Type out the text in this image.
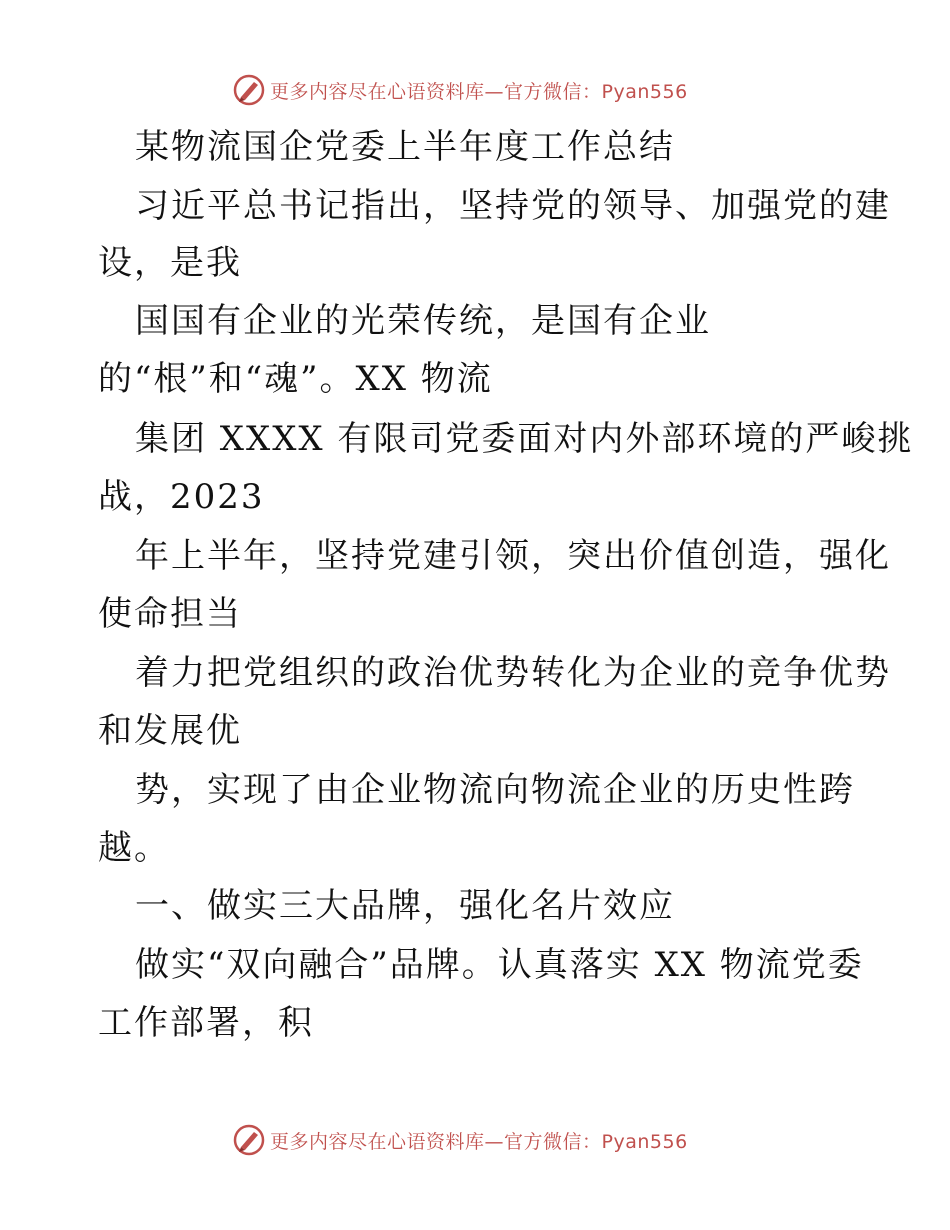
更多内容尽在心语资料库—官方微信：Pyan556
某物流国企党委上半年度工作总结
习近平总书记指出，坚持党的领导、加强党的建
设，是我
国国有企业的光荣传统，是国有企业
的“根”和“魂”。XX 物流
集团 XXXX 有限司党委面对内外部环境的严峻挑
战，2023
年上半年，坚持党建引领，突出价值创造，强化
使命担当
着力把党组织的政治优势转化为企业的竞争优势
和发展优
势，实现了由企业物流向物流企业的历史性跨
越。
一、做实三大品牌，强化名片效应
做实“双向融合”品牌。认真落实 XX 物流党委
工作部署，积
更多内容尽在心语资料库—官方微信：Pyan556
